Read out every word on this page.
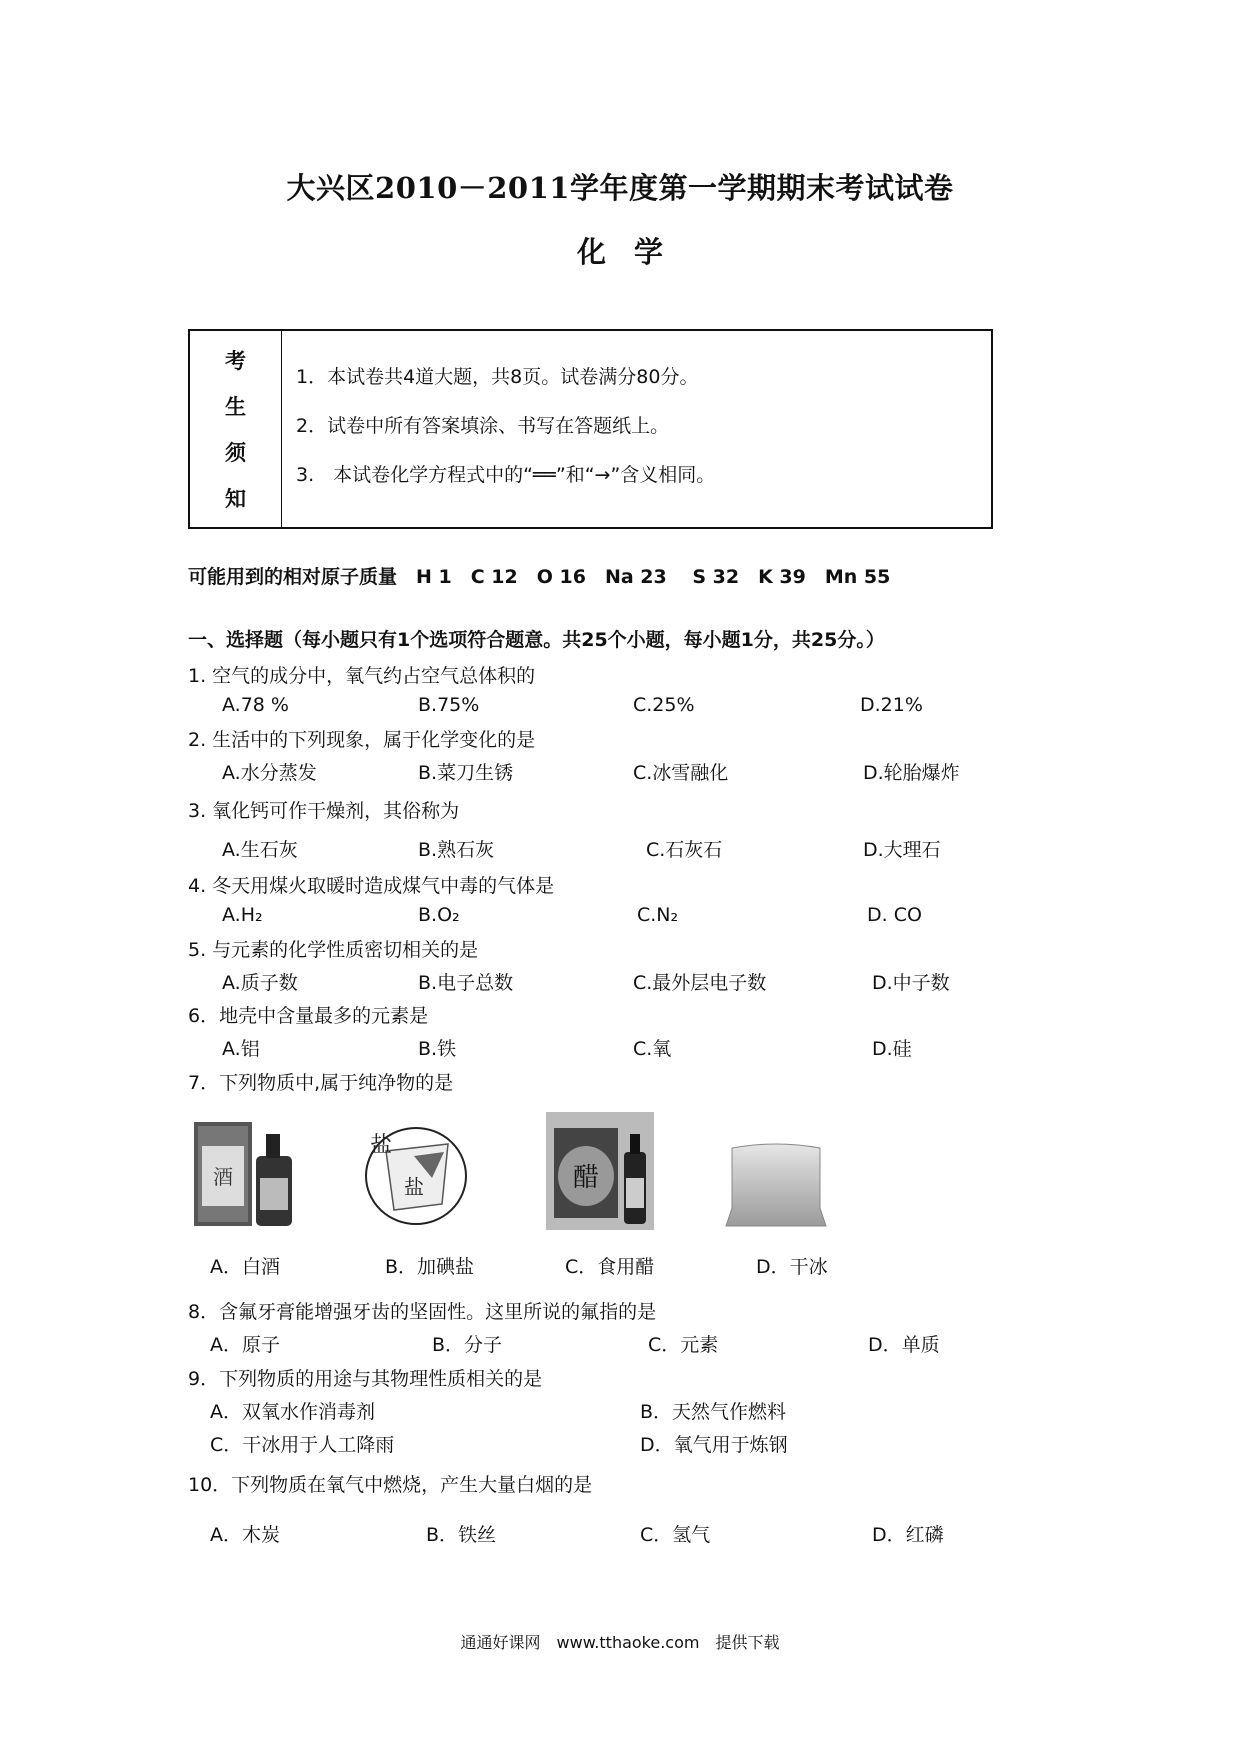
大兴区2010－2011学年度第一学期期末考试试卷
化学
考
生
须
知
1．本试卷共4道大题，共8页。试卷满分80分。
2．试卷中所有答案填涂、书写在答题纸上。
3.　本试卷化学方程式中的“══”和“→”含义相同。
可能用到的相对原子质量　H 1　C 12　O 16　Na 23　 S 32　K 39　Mn 55
一、选择题（每小题只有1个选项符合题意。共25个小题，每小题1分，共25分。）
1. 空气的成分中，氧气约占空气总体积的
A.78 %	B.75%	C.25%	D.21%
2. 生活中的下列现象，属于化学变化的是
A.水分蒸发	B.菜刀生锈	C.冰雪融化	D.轮胎爆炸
3. 氧化钙可作干燥剂，其俗称为
A.生石灰	B.熟石灰	C.石灰石	D.大理石
4. 冬天用煤火取暖时造成煤气中毒的气体是
A.H₂	B.O₂	C.N₂	D. CO
5. 与元素的化学性质密切相关的是
A.质子数	B.电子总数	C.最外层电子数	D.中子数
6．地壳中含量最多的元素是
A.铝	B.铁	C.氧	D.硅
7．下列物质中,属于纯净物的是
酒
盐
盐	醋
A．白酒	B．加碘盐	C．食用醋	D．干冰
8．含氟牙膏能增强牙齿的坚固性。这里所说的氟指的是
A．原子	B．分子	C．元素	D．单质
9．下列物质的用途与其物理性质相关的是
A．双氧水作消毒剂	B．天然气作燃料
C．干冰用于人工降雨	D．氧气用于炼钢
10．下列物质在氧气中燃烧，产生大量白烟的是
A．木炭	B．铁丝	C．氢气	D．红磷
通通好课网　www.tthaoke.com　提供下载
